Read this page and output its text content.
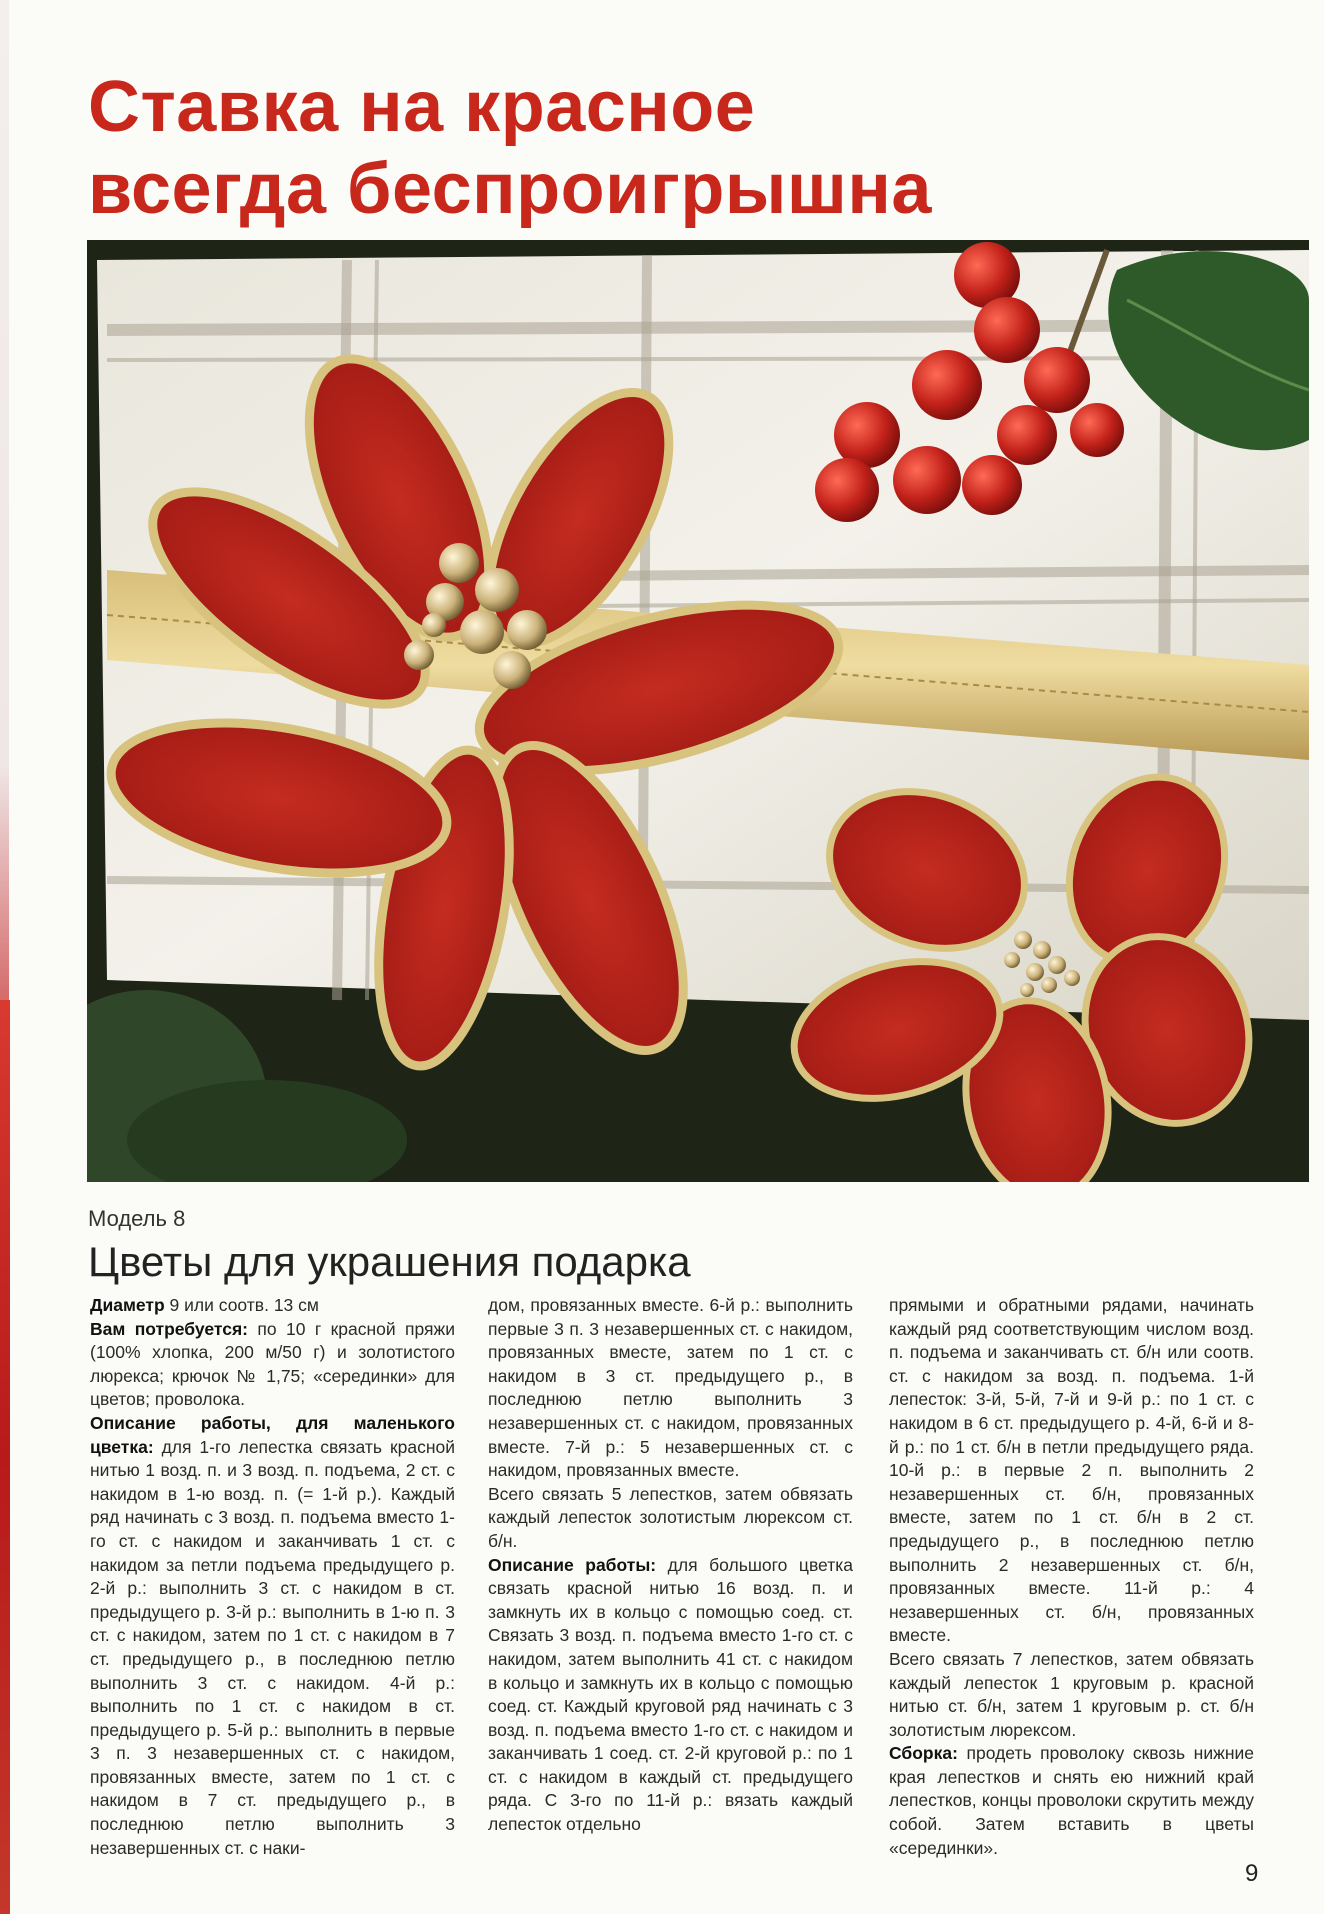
Ставка на красное
всегда беспроигрышна
Модель 8
Цветы для украшения подарка

Диаметр 9 или соотв. 13 см

Вам потребуется: по 10 г красной пряжи (100% хлопка, 200 м/50 г) и золотистого люрекса; крючок № 1,75; «серединки» для цветов; проволока.

Описание работы, для маленького цветка: для 1-го лепестка связать красной нитью 1 возд. п. и 3 возд. п. подъема, 2 ст. с накидом в 1-ю возд. п. (= 1-й р.). Каждый ряд начинать с 3 возд. п. подъема вместо 1-го ст. с накидом и заканчивать 1 ст. с накидом за петли подъема предыдущего р. 2-й р.: выполнить 3 ст. с накидом в ст. предыдущего р. 3-й р.: выполнить в 1-ю п. 3 ст. с накидом, затем по 1 ст. с накидом в 7 ст. предыдущего р., в последнюю петлю выполнить 3 ст. с накидом. 4-й р.: выполнить по 1 ст. с накидом в ст. предыдущего р. 5-й р.: выполнить в первые 3 п. 3 незавершенных ст. с накидом, провязанных вместе, затем по 1 ст. с накидом в 7 ст. предыдущего р., в последнюю петлю выполнить 3 незавершенных ст. с наки-

дом, провязанных вместе. 6-й р.: выполнить первые 3 п. 3 незавершенных ст. с накидом, провязанных вместе, затем по 1 ст. с накидом в 3 ст. предыдущего р., в последнюю петлю выполнить 3 незавершенных ст. с накидом, провязанных вместе. 7-й р.: 5 незавершенных ст. с накидом, провязанных вместе.

Всего связать 5 лепестков, затем обвязать каждый лепесток золотистым люрексом ст. б/н.

Описание работы: для большого цветка связать красной нитью 16 возд. п. и замкнуть их в кольцо с помощью соед. ст. Связать 3 возд. п. подъема вместо 1-го ст. с накидом, затем выполнить 41 ст. с накидом в кольцо и замкнуть их в кольцо с помощью соед. ст. Каждый круговой ряд начинать с 3 возд. п. подъема вместо 1-го ст. с накидом и заканчивать 1 соед. ст. 2-й круговой р.: по 1 ст. с накидом в каждый ст. предыдущего ряда. С 3-го по 11-й р.: вязать каждый лепесток отдельно

прямыми и обратными рядами, начинать каждый ряд соответствующим числом возд. п. подъема и заканчивать ст. б/н или соотв. ст. с накидом за возд. п. подъема. 1-й лепесток: 3-й, 5-й, 7-й и 9-й р.: по 1 ст. с накидом в 6 ст. предыдущего р. 4-й, 6-й и 8-й р.: по 1 ст. б/н в петли предыдущего ряда. 10-й р.: в первые 2 п. выполнить 2 незавершенных ст. б/н, провязанных вместе, затем по 1 ст. б/н в 2 ст. предыдущего р., в последнюю петлю выполнить 2 незавершенных ст. б/н, провязанных вместе. 11-й р.: 4 незавершенных ст. б/н, провязанных вместе.

Всего связать 7 лепестков, затем обвязать каждый лепесток 1 круговым р. красной нитью ст. б/н, затем 1 круговым р. ст. б/н золотистым люрексом.

Сборка: продеть проволоку сквозь нижние края лепестков и снять ею нижний край лепестков, концы проволоки скрутить между собой. Затем вставить в цветы «серединки».

9
